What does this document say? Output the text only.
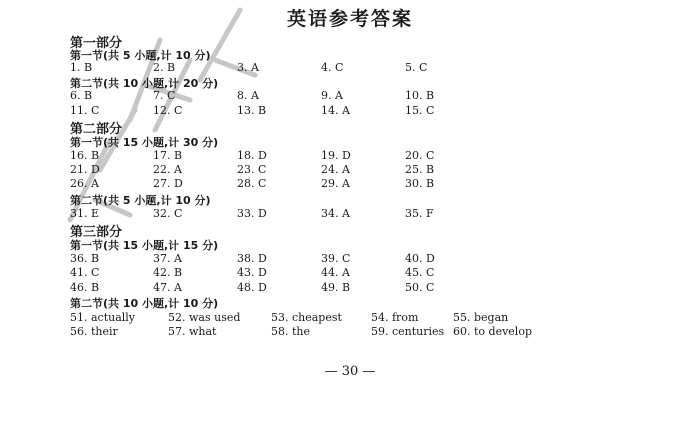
英语参考答案
第一部分
第一节(共 5 小题,计 10 分)
1. B	2. B	3. A	4. C	5. C
第二节(共 10 小题,计 20 分)
6. B	7. C	8. A	9. A	10. B
11. C	12. C	13. B	14. A	15. C
第二部分
第一节(共 15 小题,计 30 分)
16. B	17. B	18. D	19. D	20. C
21. D	22. A	23. C	24. A	25. B
26. A	27. D	28. C	29. A	30. B
第二节(共 5 小题,计 10 分)
31. E	32. C	33. D	34. A	35. F
第三部分
第一节(共 15 小题,计 15 分)
36. B	37. A	38. D	39. C	40. D
41. C	42. B	43. D	44. A	45. C
46. B	47. A	48. D	49. B	50. C
第二节(共 10 小题,计 10 分)
51. actually	52. was used	53. cheapest	54. from	55. began
56. their	57. what	58. the	59. centuries 60. to develop
— 30 —
